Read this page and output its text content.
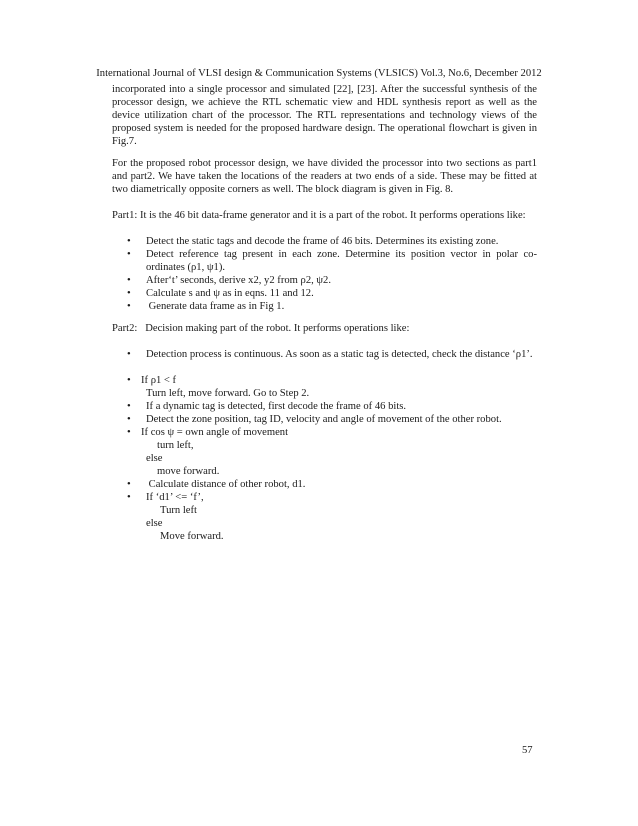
International Journal of VLSI design & Communication Systems (VLSICS) Vol.3, No.6, December 2012

incorporated into a single processor and simulated [22], [23]. After the successful synthesis of the processor design, we achieve the RTL schematic view and HDL synthesis report as well as the device utilization chart of the processor. The RTL representations and technology views of the proposed system is needed for the proposed hardware design. The operational flowchart is given in Fig.7.

For the proposed robot processor design, we have divided the processor into two sections as part1 and part2. We have taken the locations of the readers at two ends of a side. These may be fitted at two diametrically opposite corners as well. The block diagram is given in Fig. 8.

Part1: It is the 46 bit data-frame generator and it is a part of the robot. It performs operations like:

• Detect the static tags and decode the frame of 46 bits. Determines its existing zone.

• Detect reference tag present in each zone. Determine its position vector in polar co-ordinates (ρ1, ψ1).

• After‘t’ seconds, derive x2, y2 from ρ2, ψ2.

• Calculate s and ψ as in eqns. 11 and 12.

• Generate data frame as in Fig 1.

Part2:   Decision making part of the robot. It performs operations like:

• Detection process is continuous. As soon as a static tag is detected, check the distance ‘ρ1’.

• If ρ1 < f

Turn left, move forward. Go to Step 2.
• If a dynamic tag is detected, first decode the frame of 46 bits.

• Detect the zone position, tag ID, velocity and angle of movement of the other robot.

• If cos ψ = own angle of movement

turn left,
else
move forward.
• Calculate distance of other robot, d1.

• If ‘d1’ <= ‘f’,

Turn left
else
Move forward.
57
